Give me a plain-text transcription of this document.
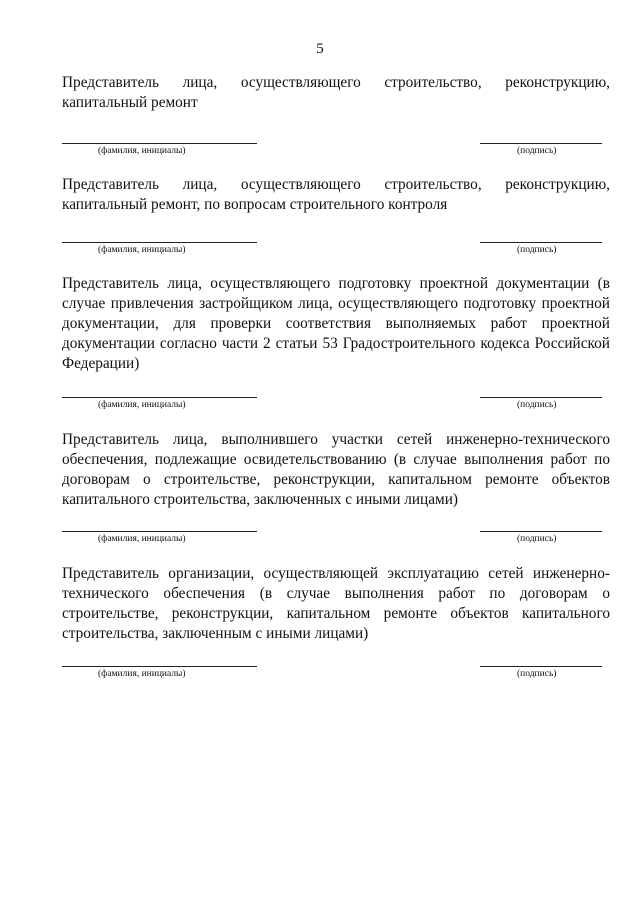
5

Представитель лица, осуществляющего строительство, реконструкцию, капитальный ремонт

(фамилия, инициалы)	(подпись)

Представитель лица, осуществляющего строительство, реконструкцию, капитальный ремонт, по вопросам строительного контроля

(фамилия, инициалы)	(подпись)

Представитель лица, осуществляющего подготовку проектной документации (в случае привлечения застройщиком лица, осуществляющего подготовку проектной документации, для проверки соответствия выполняемых работ проектной документации согласно части 2 статьи 53 Градостроительного кодекса Российской Федерации)

(фамилия, инициалы)	(подпись)

Представитель лица, выполнившего участки сетей инженерно-технического обеспечения, подлежащие освидетельствованию (в случае выполнения работ по договорам о строительстве, реконструкции, капитальном ремонте объектов капитального строительства, заключенных с иными лицами)

(фамилия, инициалы)	(подпись)

Представитель организации, осуществляющей эксплуатацию сетей инженерно-технического обеспечения (в случае выполнения работ по договорам о строительстве, реконструкции, капитальном ремонте объектов капитального строительства, заключенным с иными лицами)

(фамилия, инициалы)	(подпись)
